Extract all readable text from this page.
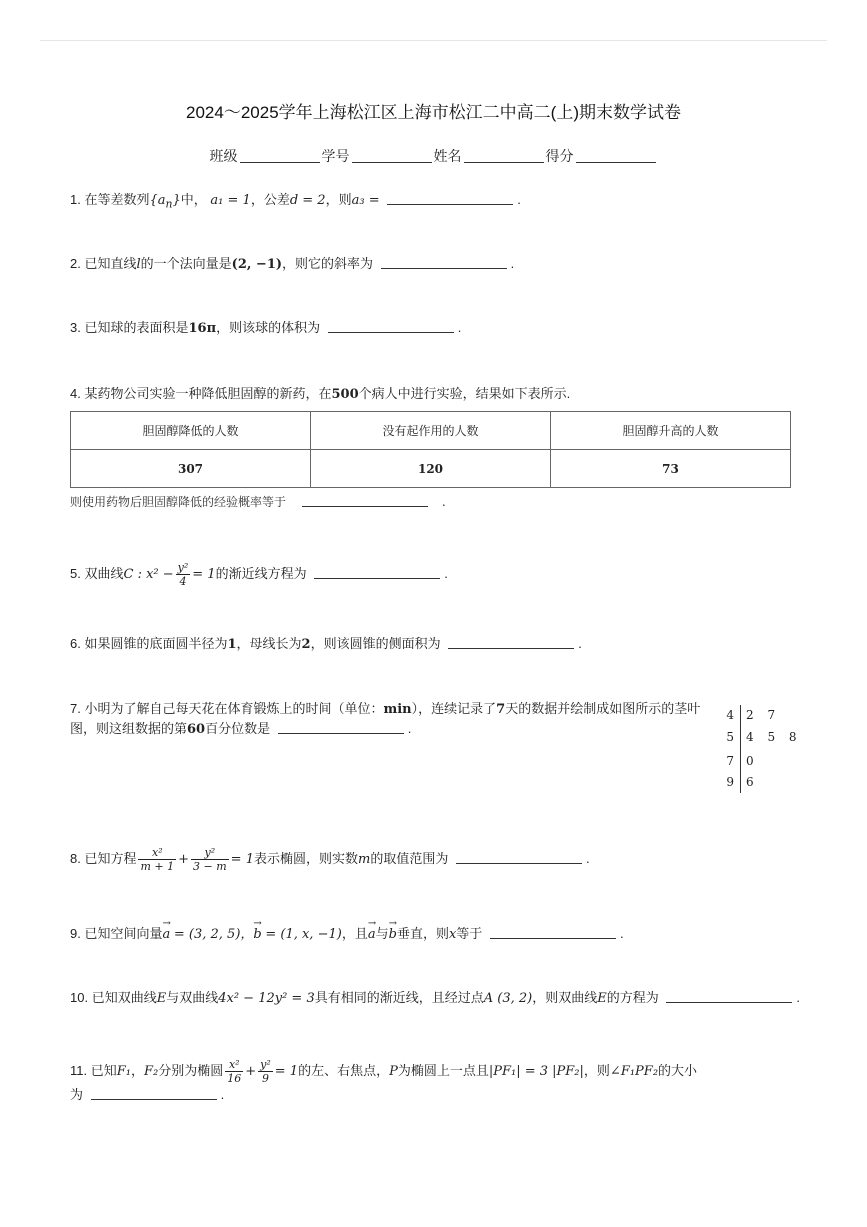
2024～2025学年上海松江区上海市松江二中高二(上)期末数学试卷
班级	学号	姓名	得分
1. 在等差数列$\{a_n\}$中， a₁ = 1，公差d = 2，则a₃ =	.
2. 已知直线l的一个法向量是(2, −1)，则它的斜率为	.
3. 已知球的表面积是16π，则该球的体积为	.
4. 某药物公司实验一种降低胆固醇的新药，在500个病人中进行实验，结果如下表所示.
胆固醇降低的人数	没有起作用的人数	胆固醇升高的人数
307	120	73
则使用药物后胆固醇降低的经验概率等于	.
5. 双曲线C : $x^2 - \frac{\text{y²}}{4} = 1$的渐近线方程为	.
6. 如果圆锥的底面圆半径为1，母线长为2，则该圆锥的侧面积为	.
7. 小明为了解自己每天花在体育锻炼上的时间（单位：min），连续记录了7天的数据并绘制成如图所示的茎叶
图，则这组数据的第60百分位数是	.
4 2 7
5 4 5 8
7 0
9 6
8. 已知方程 $\frac{\text{x²}}{m + 1} + \frac{\text{y²}}{3 - m} = 1$表示椭圆，则实数m的取值范围为	.
9. 已知空间向量→ a = (3, 2, 5)，→ b = (1, x, −1)，且→ a与→ b垂直，则x等于	.
10. 已知双曲线E与双曲线4x² − 12y² = 3具有相同的渐近线，且经过点A (3, 2)，则双曲线E的方程为	.
11. 已知F₁，F₂分别为椭圆 $\frac{\text{x²}}{16} + \frac{\text{y²}}{9} = 1$的左、右焦点，P为椭圆上一点且|PF₁| = 3 |PF₂|，则∠F₁PF₂的大小
为	.
